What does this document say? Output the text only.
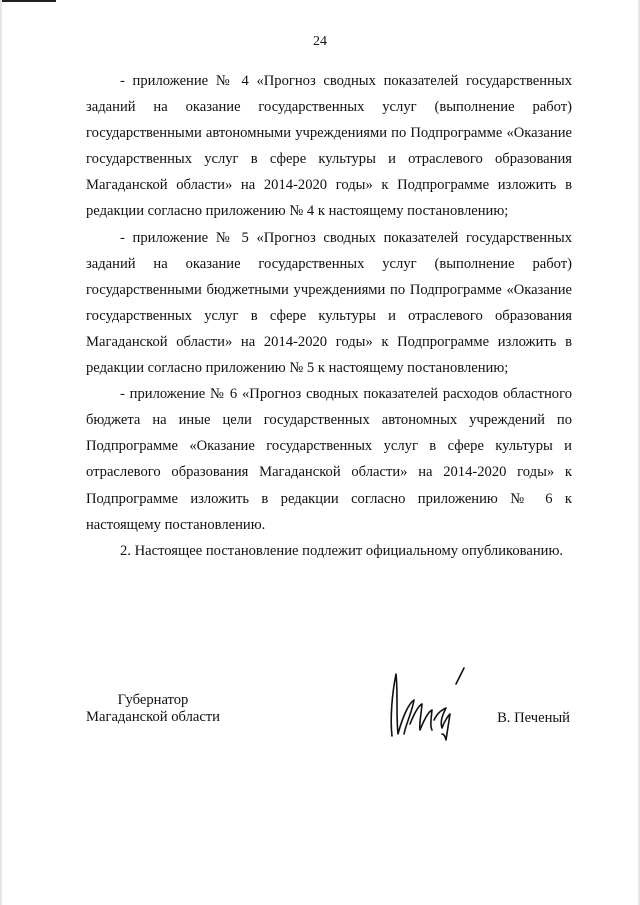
24

- приложение № 4 «Прогноз сводных показателей государственных заданий на оказание государственных услуг (выполнение работ) государственными автономными учреждениями по Подпрограмме «Оказание государственных услуг в сфере культуры и отраслевого образования Магаданской области» на 2014-2020 годы» к Подпрограмме изложить в редакции согласно приложению № 4 к настоящему постановлению;

- приложение № 5 «Прогноз сводных показателей государственных заданий на оказание государственных услуг (выполнение работ) государственными бюджетными учреждениями по Подпрограмме «Оказание государственных услуг в сфере культуры и отраслевого образования Магаданской области» на 2014-2020 годы» к Подпрограмме изложить в редакции согласно приложению № 5 к настоящему постановлению;

- приложение № 6 «Прогноз сводных показателей расходов областного бюджета на иные цели государственных автономных учреждений по Подпрограмме «Оказание государственных услуг в сфере культуры и отраслевого образования Магаданской области» на 2014-2020 годы» к Подпрограмме изложить в редакции согласно приложению № 6 к настоящему постановлению.

2. Настоящее постановление подлежит официальному опубликованию.

Губернатор
Магаданской области	В. Печеный
